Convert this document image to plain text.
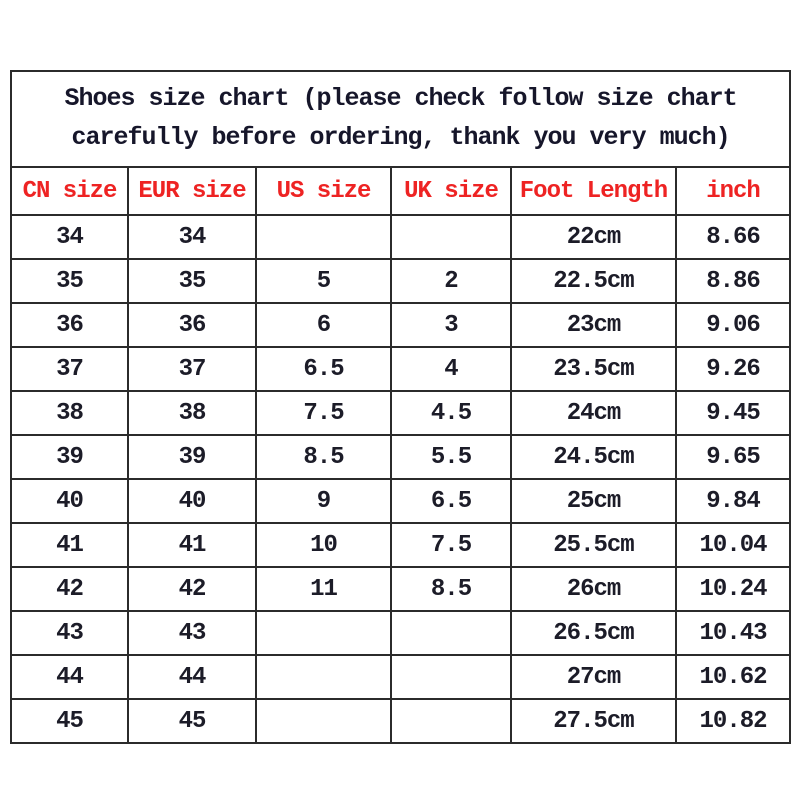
Shoes size chart (please check follow size chart
carefully before ordering, thank you very much)					

CN size	EUR size	US size	UK size	Foot Length	inch
34	34			22cm	8.66
35	35	5	2	22.5cm	8.86
36	36	6	3	23cm	9.06
37	37	6.5	4	23.5cm	9.26
38	38	7.5	4.5	24cm	9.45
39	39	8.5	5.5	24.5cm	9.65
40	40	9	6.5	25cm	9.84
41	41	10	7.5	25.5cm	10.04
42	42	11	8.5	26cm	10.24
43	43			26.5cm	10.43
44	44			27cm	10.62
45	45			27.5cm	10.82
